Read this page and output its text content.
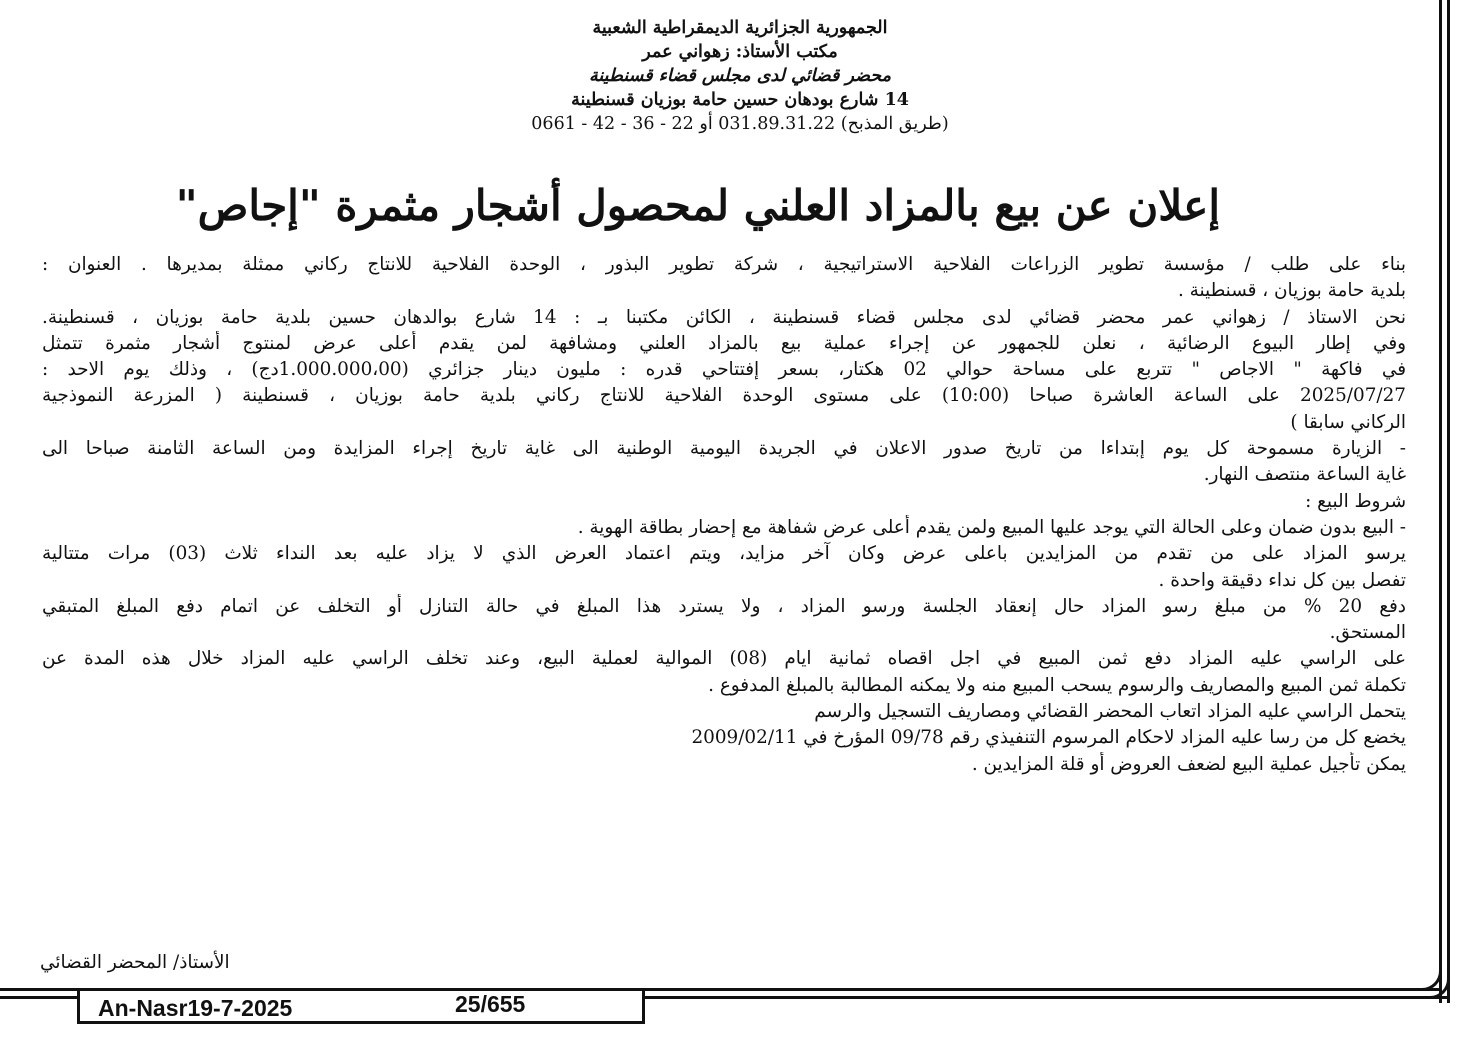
الجمهورية الجزائرية الديمقراطية الشعبية
مكتب الأستاذ: زهواني عمر
محضر قضائي لدى مجلس قضاء قسنطينة
14 شارع بودهان حسين حامة بوزيان قسنطينة
(طريق المذبح) 031.89.31.22 أو 22 - 36 - 42 - 0661
إعلان عن بيع بالمزاد العلني لمحصول أشجار مثمرة "إجاص"
بناء على طلب / مؤسسة تطوير الزراعات الفلاحية الاستراتيجية ، شركة تطوير البذور ، الوحدة الفلاحية للانتاج ركاني ممثلة بمديرها . العنوان :
بلدية حامة بوزيان ، قسنطينة .
نحن الاستاذ / زهواني عمر محضر قضائي لدى مجلس قضاء قسنطينة ، الكائن مكتبنا بـ : 14 شارع بوالدهان حسين بلدية حامة بوزيان ، قسنطينة.
وفي إطار البيوع الرضائية ، نعلن للجمهور عن إجراء عملية بيع بالمزاد العلني ومشافهة لمن يقدم أعلى عرض لمنتوج أشجار مثمرة تتمثل
في فاكهة " الاجاص " تتربع على مساحة حوالي 02 هكتار، بسعر إفتتاحي قدره : مليون دينار جزائري (1.000.000،00دج) ، وذلك يوم الاحد :
2025/07/27 على الساعة العاشرة صباحا (10:00) على مستوى الوحدة الفلاحية للانتاج ركاني بلدية حامة بوزيان ، قسنطينة ( المزرعة النموذجية
الركاني سابقا )
- الزيارة مسموحة كل يوم إبتداءا من تاريخ صدور الاعلان في الجريدة اليومية الوطنية الى غاية تاريخ إجراء المزايدة ومن الساعة الثامنة صباحا الى
غاية الساعة منتصف النهار.
شروط البيع :
- البيع بدون ضمان وعلى الحالة التي يوجد عليها المبيع ولمن يقدم أعلى عرض شفاهة مع إحضار بطاقة الهوية .
يرسو المزاد على من تقدم من المزايدين باعلى عرض وكان آخر مزايد، ويتم اعتماد العرض الذي لا يزاد عليه بعد النداء ثلاث (03) مرات متتالية
تفصل بين كل نداء دقيقة واحدة .
دفع 20 % من مبلغ رسو المزاد حال إنعقاد الجلسة ورسو المزاد ، ولا يسترد هذا المبلغ في حالة التنازل أو التخلف عن اتمام دفع المبلغ المتبقي
المستحق.
على الراسي عليه المزاد دفع ثمن المبيع في اجل اقصاه ثمانية ايام (08) الموالية لعملية البيع، وعند تخلف الراسي عليه المزاد خلال هذه المدة عن
تكملة ثمن المبيع والمصاريف والرسوم يسحب المبيع منه ولا يمكنه المطالبة بالمبلغ المدفوع .
يتحمل الراسي عليه المزاد اتعاب المحضر القضائي ومصاريف التسجيل والرسم
يخضع كل من رسا عليه المزاد لاحكام المرسوم التنفيذي رقم 09/78 المؤرخ في 2009/02/11
يمكن تأجيل عملية البيع لضعف العروض أو قلة المزايدين .
الأستاذ/ المحضر القضائي
An-Nasr19-7-2025	25/655
